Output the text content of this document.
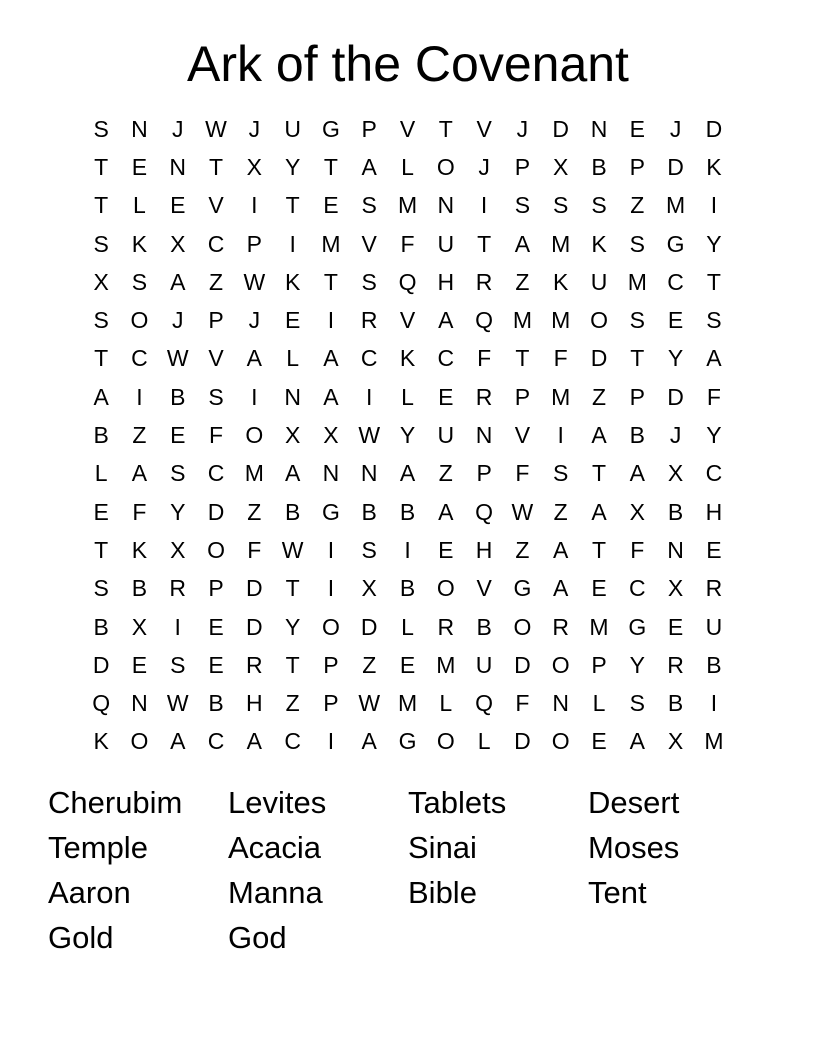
Ark of the Covenant
S N	J W J	U G P V	T	V	J	D N E	J	D
T	E N T	X Y	T	A	L O	J	P X B P D K
T	L	E V	I	T	E S M N	I	S S S	Z M	I
S K X C P	I	M V	F U T	A M K S G Y
X S A	Z W K	T	S Q H R Z	K U M C T
S O	J	P	J	E	I	R V A Q M M O S E S
T C W V A	L	A C K C F	T	F D T	Y A
A	I	B S	I	N A	I	L	E R P M Z	P D F
B	Z	E	F O X X W Y U N V	I	A B	J	Y
L	A S C M A N N A	Z	P	F	S	T	A X C
E	F	Y D Z	B G B B A Q W Z	A X B H
T	K X O F W	I	S	I	E H Z	A	T	F N E
S B R P D T	I	X B O V G A E C X R
B X	I	E D Y O D	L	R B O R M G E U
D E S E R T	P	Z	E M U D O P Y R B
Q N W B H Z	P W M L Q F N	L	S B	I
K O A C A C	I	A G O L	D O E A X M
Cherubim	Levites	Tablets	Desert
Temple	Acacia	Sinai	Moses
Aaron	Manna	Bible	Tent
Gold	God
